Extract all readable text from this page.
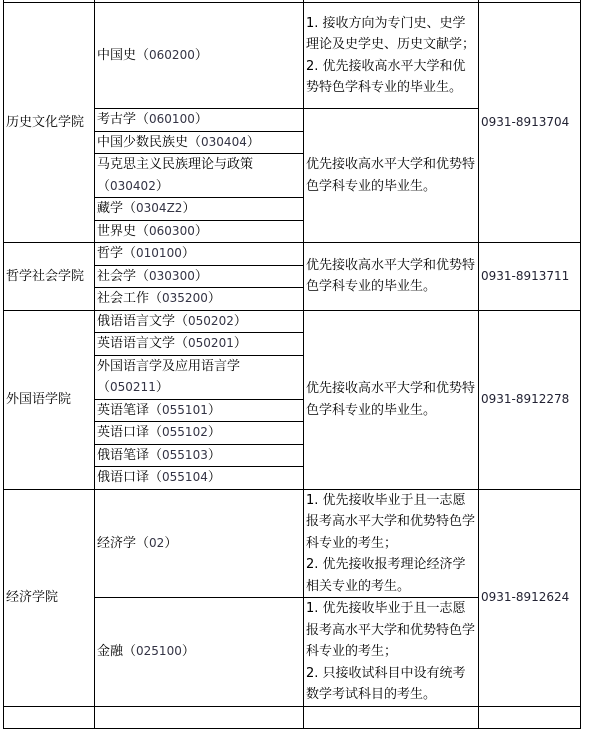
历史文化学院	中国史（060200）	1. 接收方向为专门史、史学理论及史学史、历史文献学；
2. 优先接收高水平大学和优势特色学科专业的毕业生。	0931-8913704
	考古学（060100）	优先接收高水平大学和优势特色学科专业的毕业生。	

	中国少数民族史（030404）		
	马克思主义民族理论与政策
（030402）		
	藏学（0304Z2）		
	世界史（060300）		
哲学社会学院	哲学（010100）	优先接收高水平大学和优势特色学科专业的毕业生。	0931-8913711
	社会学（030300）		
	社会工作（035200）		
外国语学院	俄语语言文学（050202）	优先接收高水平大学和优势特色学科专业的毕业生。	0931-8912278
	英语语言文学（050201）		
	外国语言学及应用语言学
（050211）		
	英语笔译（055101）		
	英语口译（055102）		
	俄语笔译（055103）		
	俄语口译（055104）		
经济学院	经济学（02）	1. 优先接收毕业于且一志愿报考高水平大学和优势特色学科专业的考生；
2. 优先接收报考理论经济学相关专业的考生。	0931-8912624
	金融（025100）	1. 优先接收毕业于且一志愿报考高水平大学和优势特色学科专业的考生；
2. 只接收试科目中设有统考数学考试科目的考生。	
